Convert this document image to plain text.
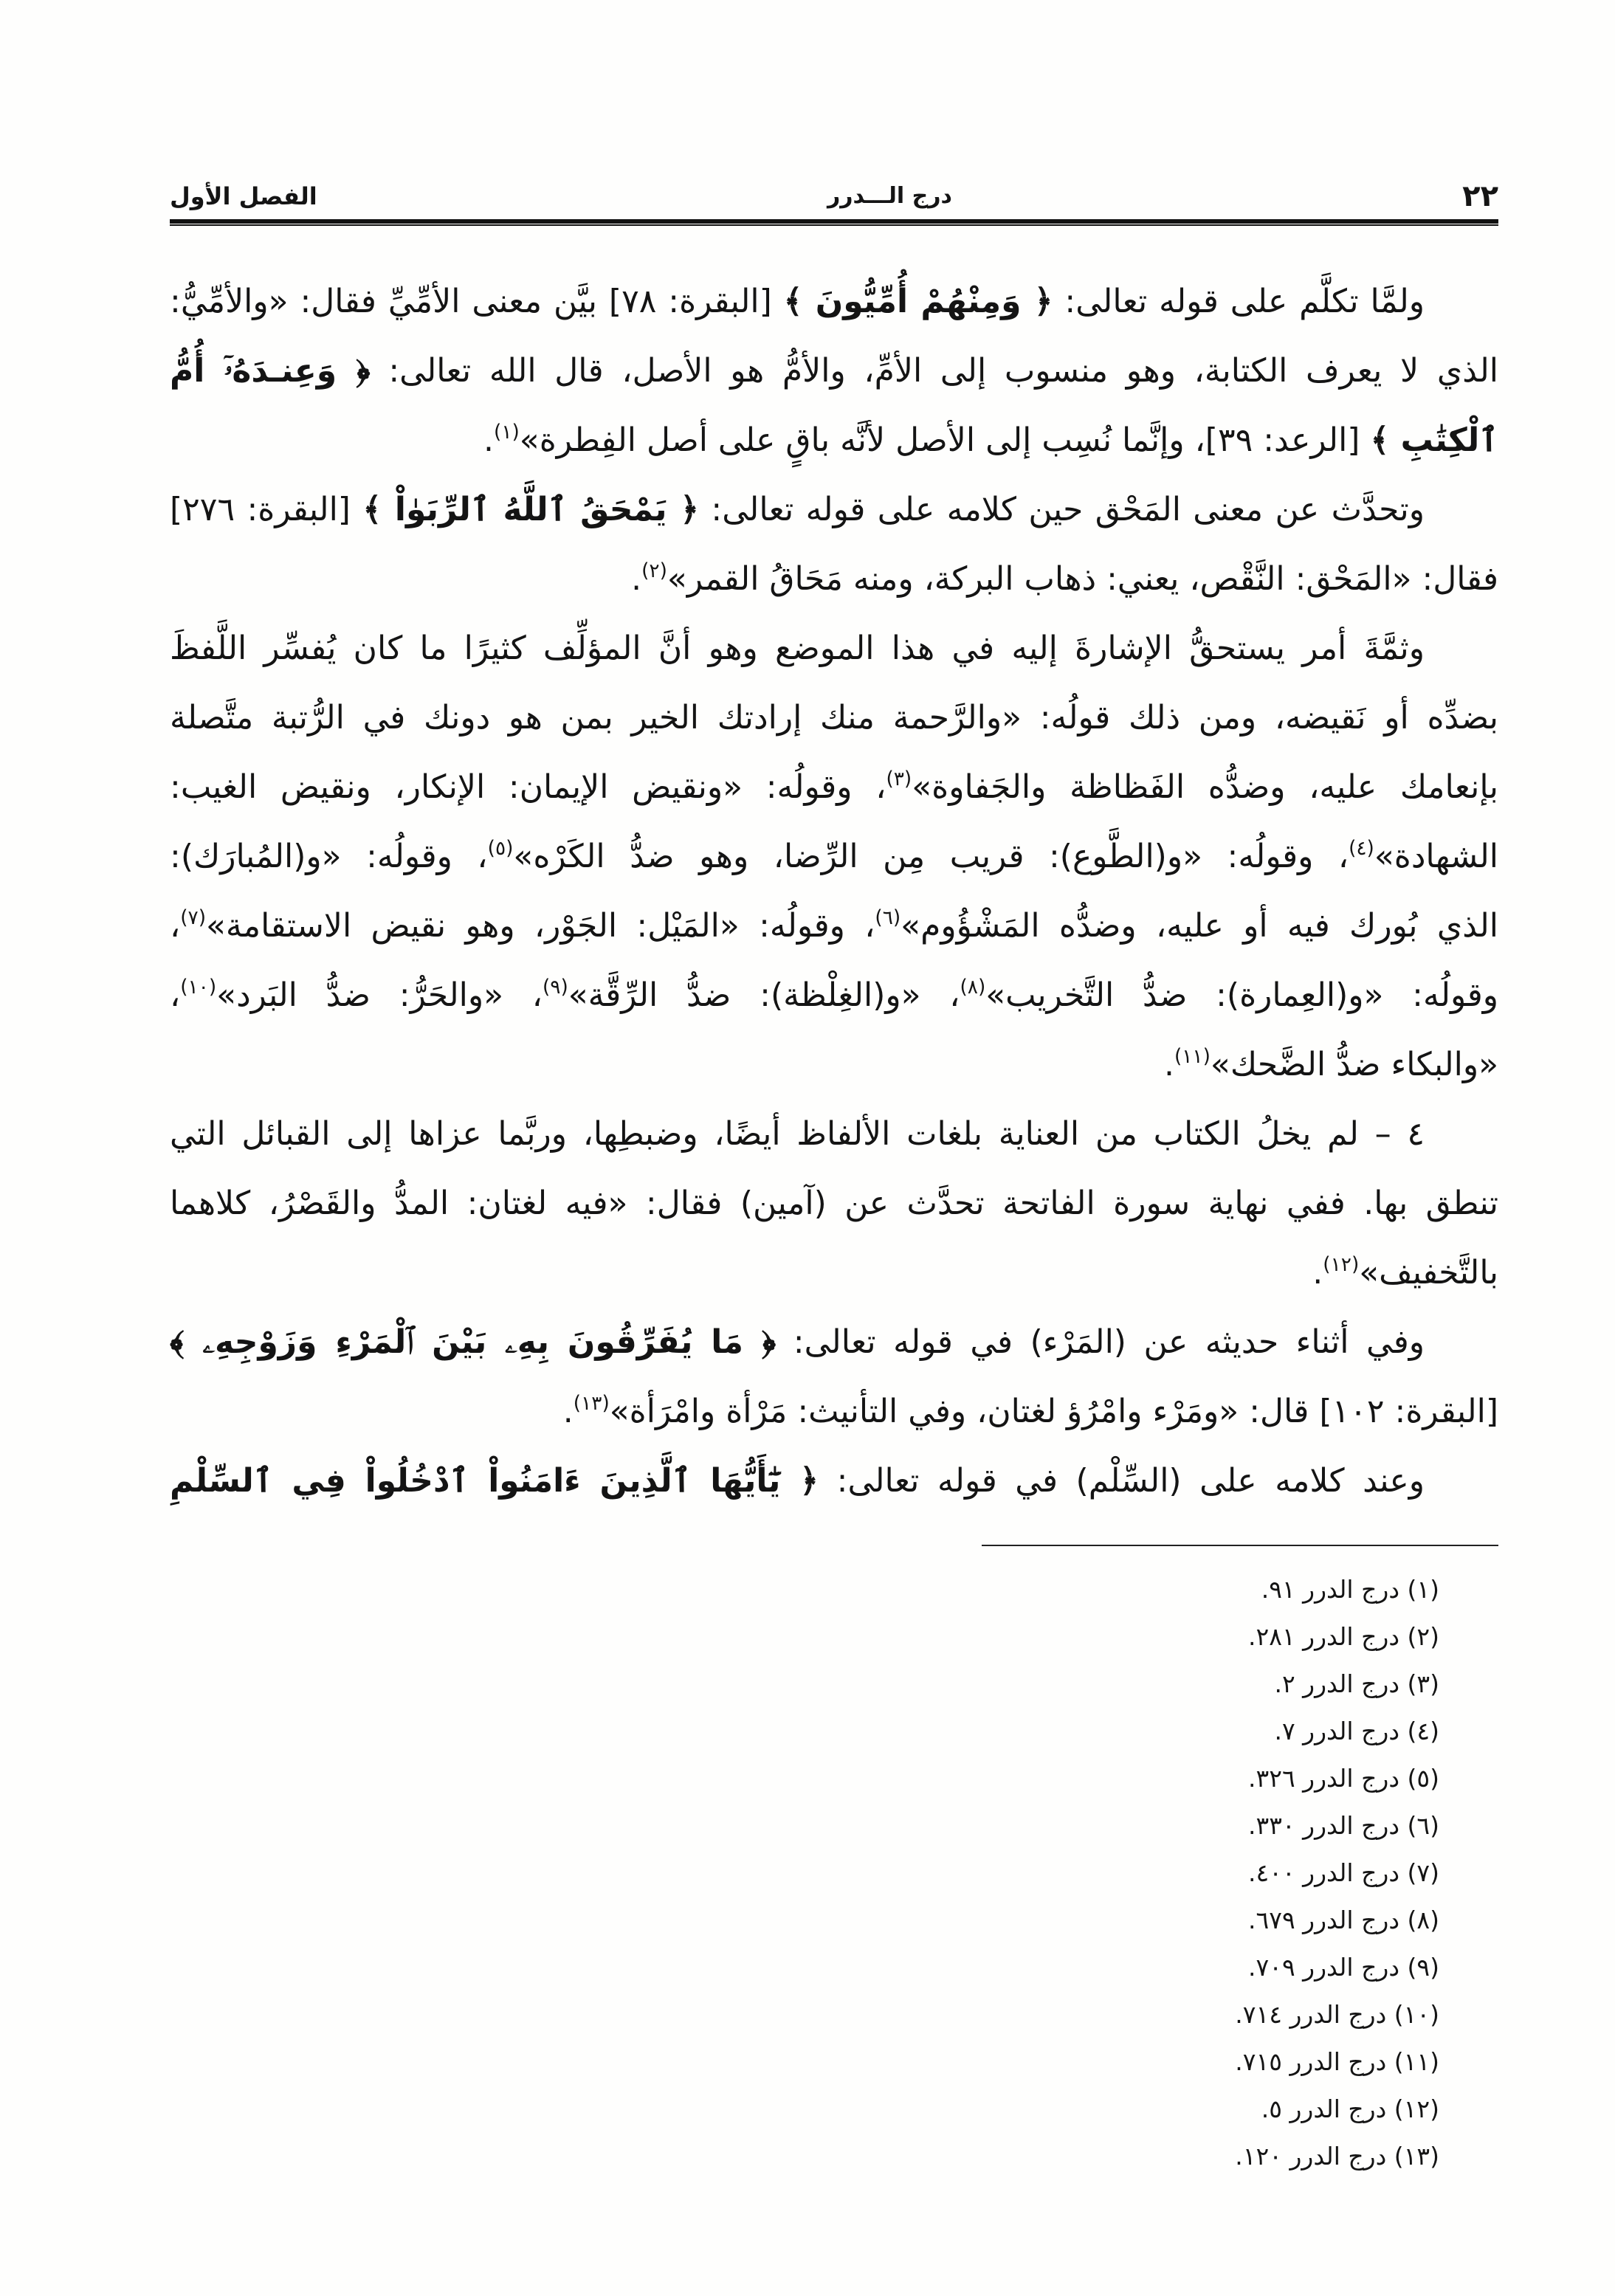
٢٢
درج الـــدرر
الفصل الأول
ولمَّا تكلَّم على قوله تعالى: ﴿ وَمِنْهُمْ أُمِّيُّونَ ﴾ [البقرة: ٧٨] بيَّن معنى الأمِّيِّ فقال: «والأمِّيُّ:
الذي لا يعرف الكتابة، وهو منسوب إلى الأمِّ، والأمُّ هو الأصل، قال الله تعالى: ﴿ وَعِنـدَهُۥٓ أُمُّ
ٱلْكِتَٰبِ ﴾ [الرعد: ٣٩]، وإنَّما نُسِب إلى الأصل لأنَّه باقٍ على أصل الفِطرة»$^{(١)}$.
وتحدَّث عن معنى المَحْق حين كلامه على قوله تعالى: ﴿ يَمْحَقُ ٱللَّهُ ٱلرِّبَوٰاْ ﴾ [البقرة: ٢٧٦]
فقال: «المَحْق: النَّقْص، يعني: ذهاب البركة، ومنه مَحَاقُ القمر»$^{(٢)}$.
وثمَّةَ أمر يستحقُّ الإشارةَ إليه في هذا الموضع وهو أنَّ المؤلِّف كثيرًا ما كان يُفسِّر اللَّفظَ
بضدِّه أو نَقيضه، ومن ذلك قولُه: «والرَّحمة منك إرادتك الخير بمن هو دونك في الرُّتبة متَّصلة
بإنعامك عليه، وضدُّه الفَظاظة والجَفاوة»$^{(٣)}$، وقولُه: «ونقيض الإيمان: الإنكار، ونقيض الغيب:
الشهادة»$^{(٤)}$، وقولُه: «و(الطَّوع): قريب مِن الرِّضا، وهو ضدُّ الكَرْه»$^{(٥)}$، وقولُه: «و(المُبارَك):
الذي بُورك فيه أو عليه، وضدُّه المَشْؤُوم»$^{(٦)}$، وقولُه: «المَيْل: الجَوْر، وهو نقيض الاستقامة»$^{(٧)}$،
وقولُه: «و(العِمارة): ضدُّ التَّخريب»$^{(٨)}$، «و(الغِلْظة): ضدُّ الرِّقَّة»$^{(٩)}$، «والحَرُّ: ضدُّ البَرد»$^{(١٠)}$،
«والبكاء ضدُّ الضَّحك»$^{(١١)}$.
٤ – لم يخلُ الكتاب من العناية بلغات الألفاظ أيضًا، وضبطِها، وربَّما عزاها إلى القبائل التي
تنطق بها. ففي نهاية سورة الفاتحة تحدَّث عن (آمين) فقال: «فيه لغتان: المدُّ والقَصْرُ، كلاهما
بالتَّخفيف»$^{(١٢)}$.
وفي أثناء حديثه عن (المَرْء) في قوله تعالى: ﴿ مَا يُفَرِّقُونَ بِهِۦ بَيْنَ ٱلْمَرْءِ وَزَوْجِهِۦ ﴾
[البقرة: ١٠٢] قال: «ومَرْء وامْرُؤ لغتان، وفي التأنيث: مَرْأة وامْرَأة»$^{(١٣)}$.
وعند كلامه على (السِّلْم) في قوله تعالى: ﴿ يَٰٓأَيُّهَا ٱلَّذِينَ ءَامَنُواْ ٱدْخُلُواْ فِي ٱلسِّلْمِ
(١) درج الدرر ٩١.
(٢) درج الدرر ٢٨١.
(٣) درج الدرر ٢.
(٤) درج الدرر ٧.
(٥) درج الدرر ٣٢٦.
(٦) درج الدرر ٣٣٠.
(٧) درج الدرر ٤٠٠.
(٨) درج الدرر ٦٧٩.
(٩) درج الدرر ٧٠٩.
(١٠) درج الدرر ٧١٤.
(١١) درج الدرر ٧١٥.
(١٢) درج الدرر ٥.
(١٣) درج الدرر ١٢٠.
